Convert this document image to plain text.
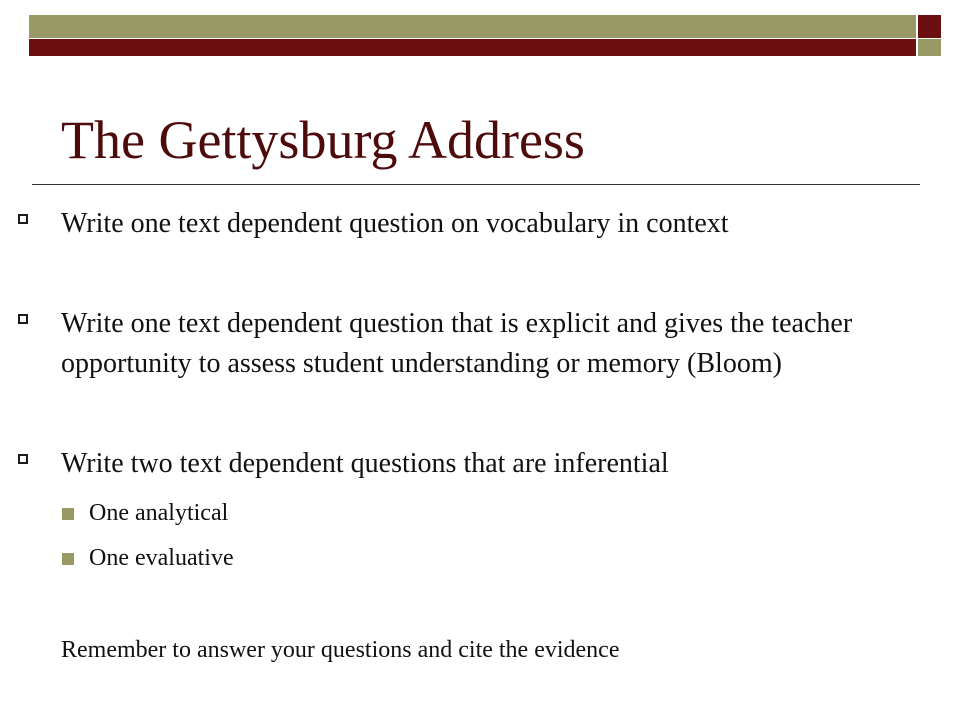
The Gettysburg Address
Write one text dependent question on vocabulary in context
Write one text dependent question that is explicit and gives the teacher opportunity to assess student understanding or memory (Bloom)
Write two text dependent questions that are inferential
One analytical
One evaluative

Remember to answer your questions and cite the evidence
